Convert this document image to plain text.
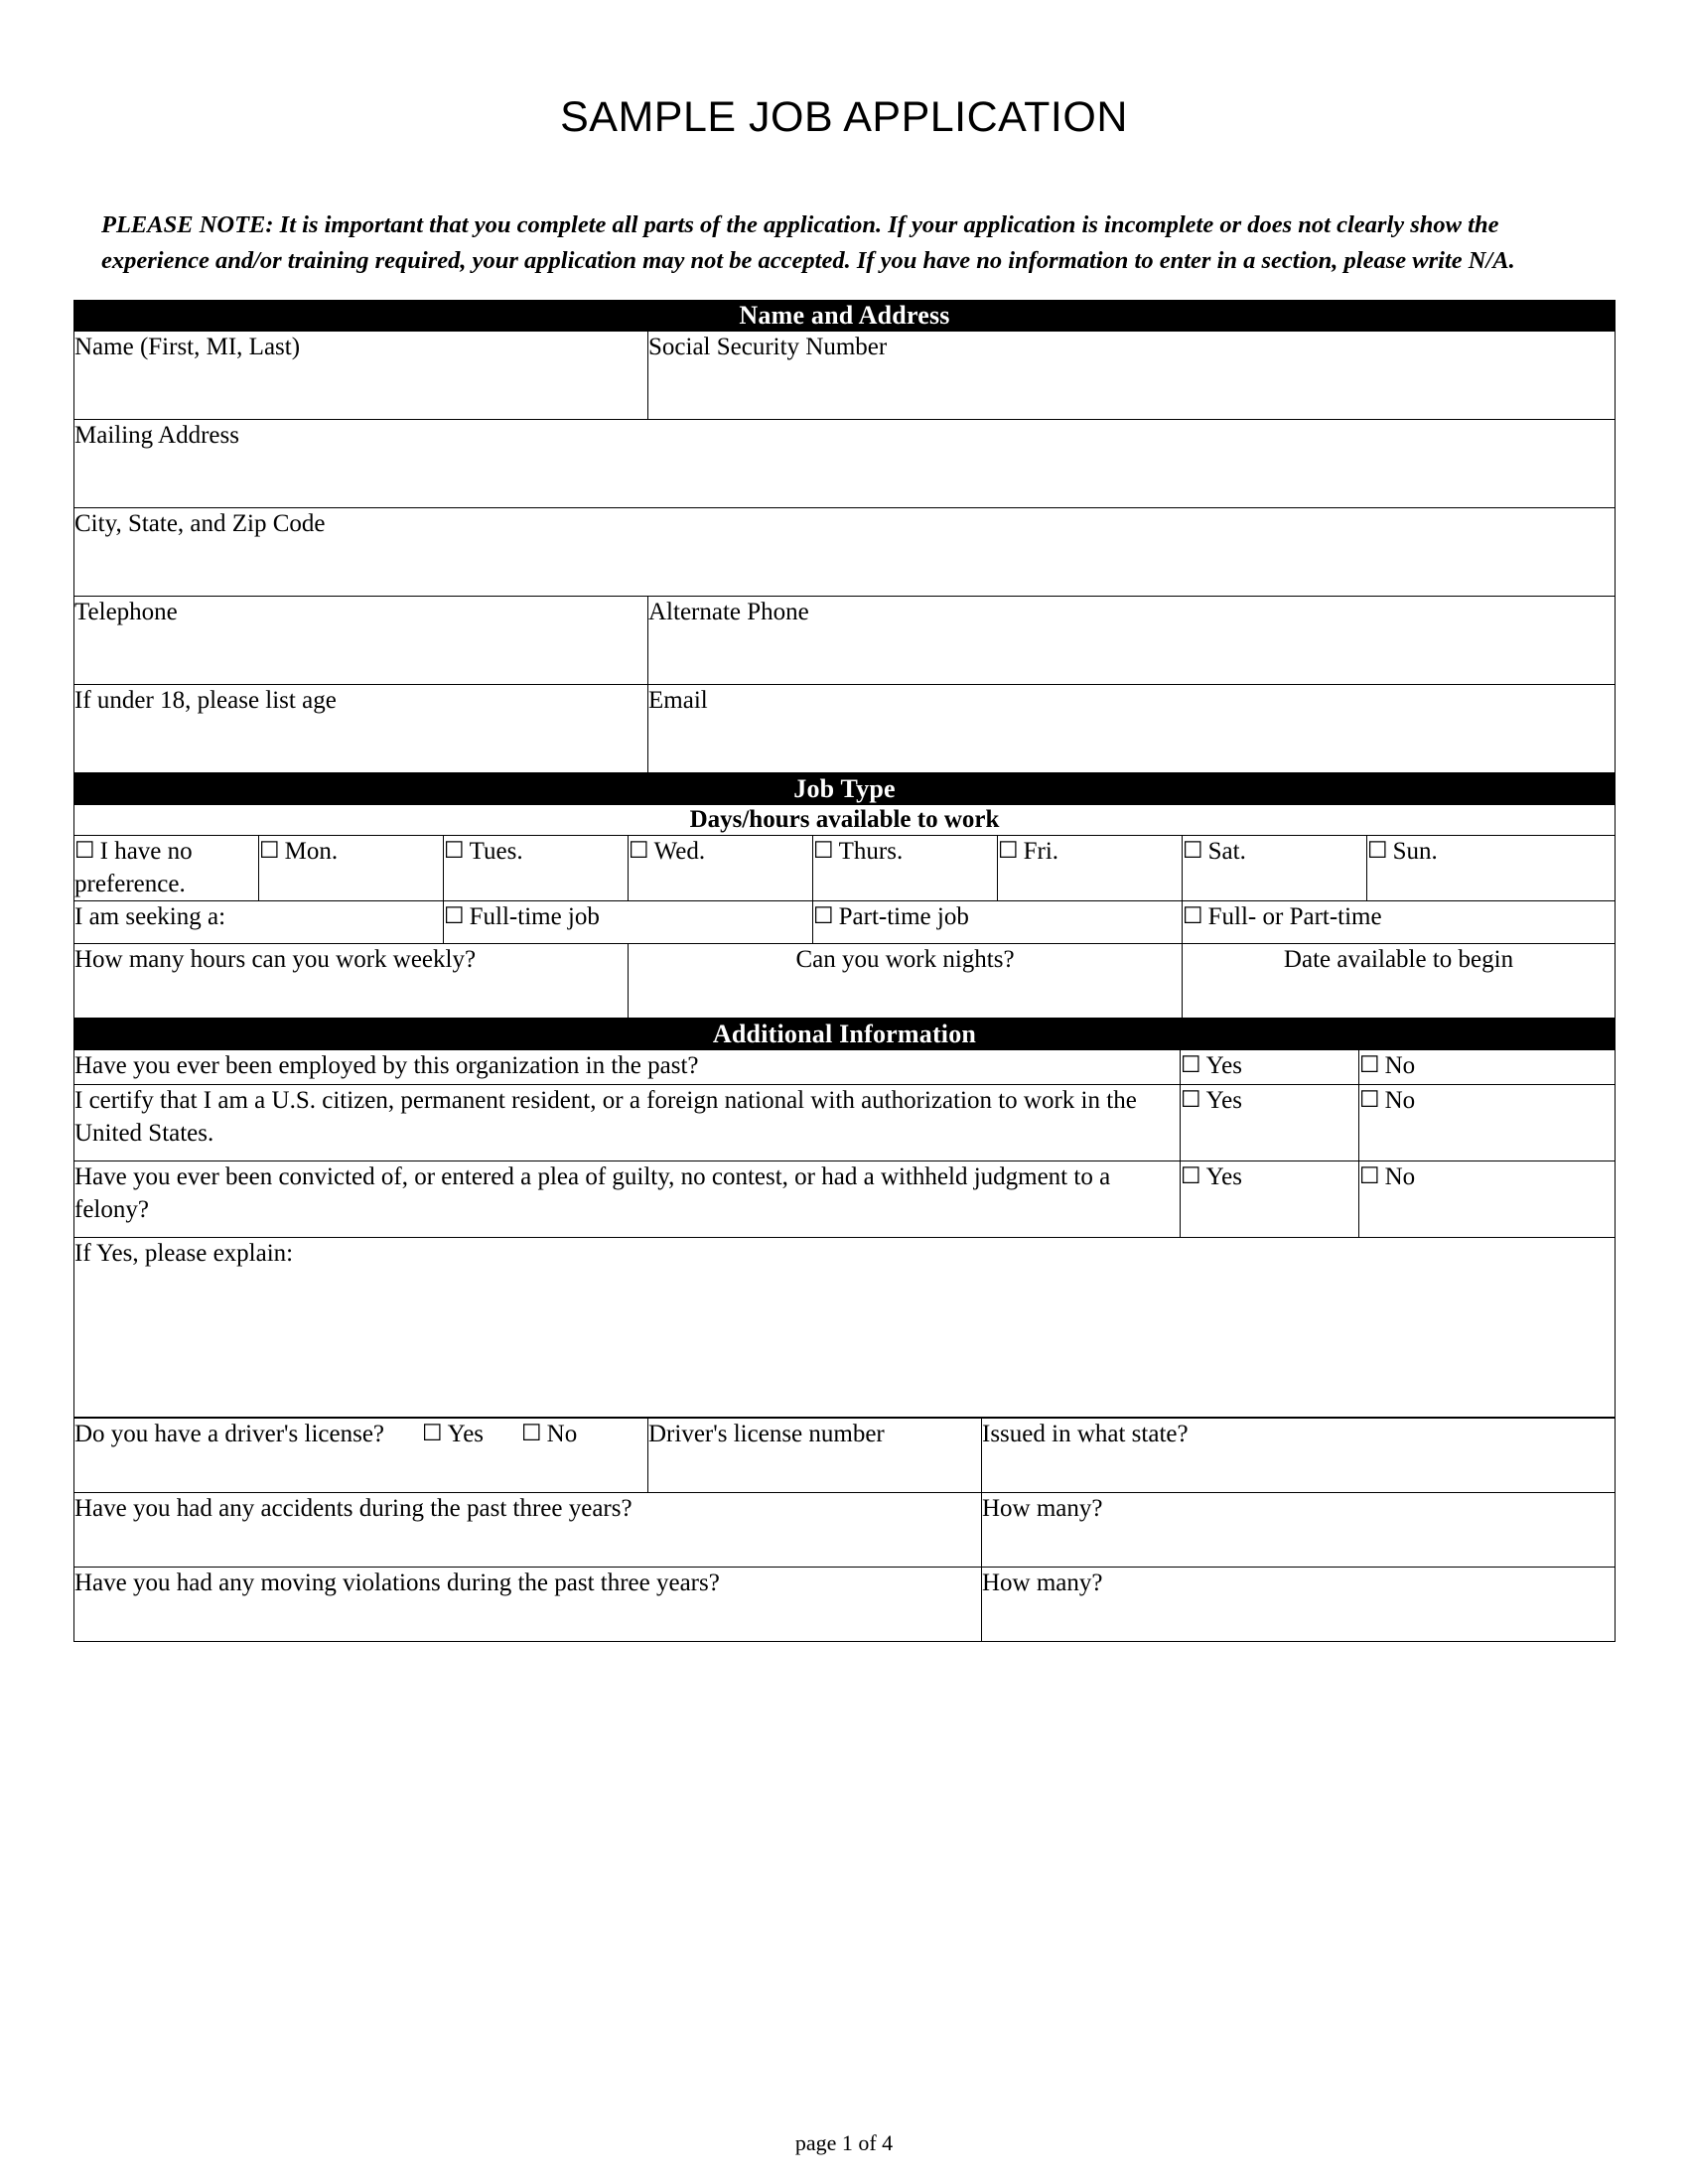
SAMPLE JOB APPLICATION

PLEASE NOTE: It is important that you complete all parts of the application. If your application is incomplete or does not clearly show the experience and/or training required, your application may not be accepted. If you have no information to enter in a section, please write N/A.

Name and Address	
Name (First, MI, Last)	Social Security Number
Mailing Address	
City, State, and Zip Code	
Telephone	Alternate Phone
If under 18, please list age	Email
Job Type							
Days/hours available to work							
☐ I have no preference.	☐ Mon.	☐ Tues.	☐ Wed.	☐ Thurs.	☐ Fri.	☐ Sat.	☐ Sun.
I am seeking a:		☐ Full-time job		☐ Part-time job		☐ Full- or Part-time	
How many hours can you work weekly?			Can you work nights?			Date available to begin	
Additional Information		
Have you ever been employed by this organization in the past?	☐ Yes	☐ No
I certify that I am a U.S. citizen, permanent resident, or a foreign national with authorization to work in the United States.	☐ Yes	☐ No
Have you ever been convicted of, or entered a plea of guilty, no contest, or had a withheld judgment to a felony?	☐ Yes	☐ No
If Yes, please explain:		
Do you have a driver's license? ☐ Yes ☐ No	Driver's license number	Issued in what state?
Have you had any accidents during the past three years?		How many?
Have you had any moving violations during the past three years?		How many?
page 1 of 4
